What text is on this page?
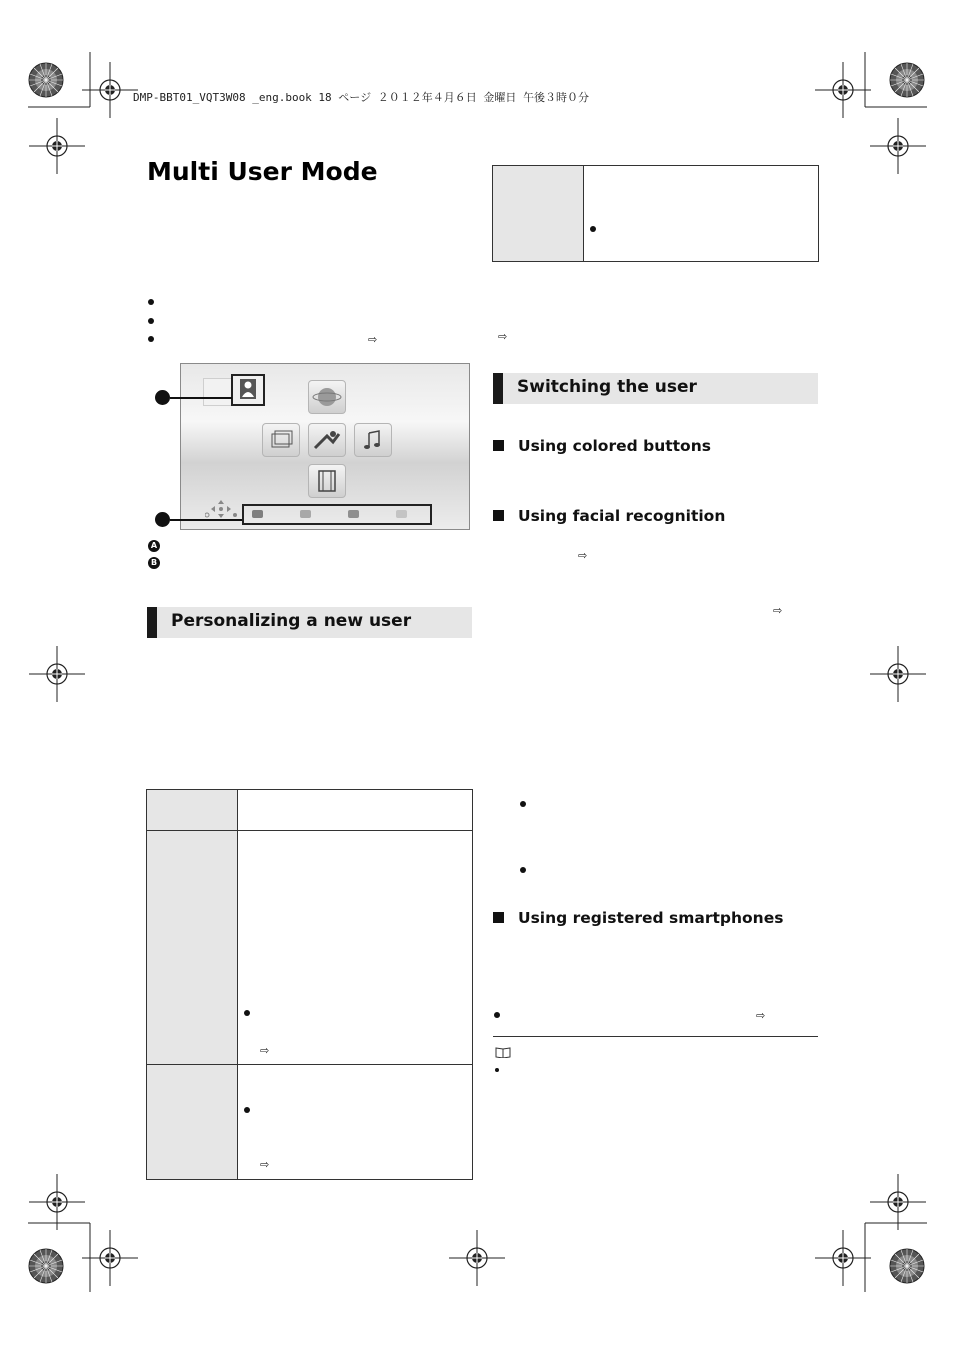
DMP-BBT01_VQT3W08 _eng.book 18 ページ ２０１２年４月６日 金曜日 午後３時０分
Multi User Mode
⇨
A
B
Personalizing a new user
⇨
⇨
⇨
Switching the user
Using colored buttons
Using facial recognition
⇨
⇨
Using registered smartphones
⇨
